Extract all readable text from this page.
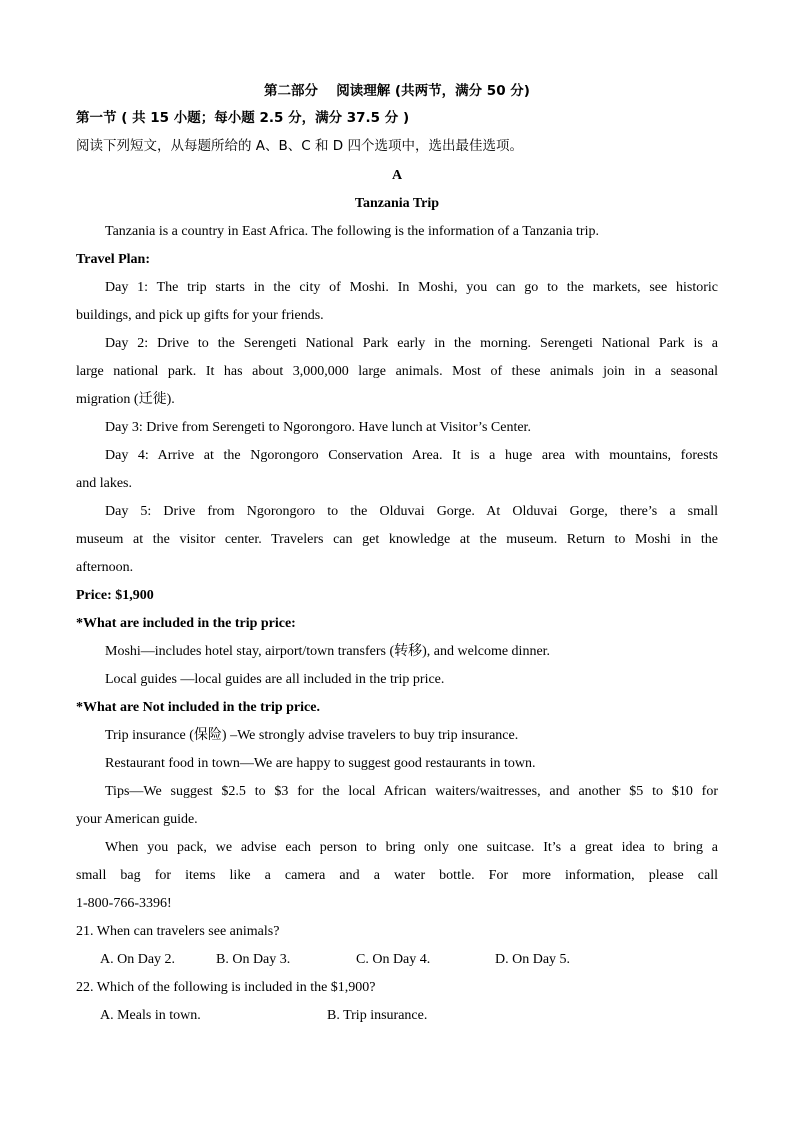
第二部分　 阅读理解 (共两节，满分 50 分)
第一节 ( 共 15 小题；每小题 2.5 分，满分 37.5 分 )
阅读下列短文，从每题所给的 A、B、C 和 D 四个选项中，选出最佳选项。
A
Tanzania Trip
Tanzania is a country in East Africa. The following is the information of a Tanzania trip.
Travel Plan:
Day 1: The trip starts in the city of Moshi. In Moshi, you can go to the markets, see historic
buildings, and pick up gifts for your friends.
Day 2: Drive to the Serengeti National Park early in the morning. Serengeti National Park is a
large national park. It has about 3,000,000 large animals. Most of these animals join in a seasonal
migration (迁徙).
Day 3: Drive from Serengeti to Ngorongoro. Have lunch at Visitor’s Center.
Day 4: Arrive at the Ngorongoro Conservation Area. It is a huge area with mountains, forests
and lakes.
Day 5: Drive from Ngorongoro to the Olduvai Gorge. At Olduvai Gorge, there’s a small
museum at the visitor center. Travelers can get knowledge at the museum. Return to Moshi in the
afternoon.
Price: $1,900
*What are included in the trip price:
Moshi—includes hotel stay, airport/town transfers (转移), and welcome dinner.
Local guides —local guides are all included in the trip price.
*What are Not included in the trip price.
Trip insurance (保险) –We strongly advise travelers to buy trip insurance.
Restaurant food in town—We are happy to suggest good restaurants in town.
Tips—We suggest $2.5 to $3 for the local African waiters/waitresses, and another $5 to $10 for
your American guide.
When you pack, we advise each person to bring only one suitcase. It’s a great idea to bring a
small bag for items like a camera and a water bottle. For more information, please call
1-800-766-3396!
21. When can travelers see animals?
A. On Day 2.	B. On Day 3.	C. On Day 4.	D. On Day 5.
22. Which of the following is included in the $1,900?
A. Meals in town.	B. Trip insurance.
